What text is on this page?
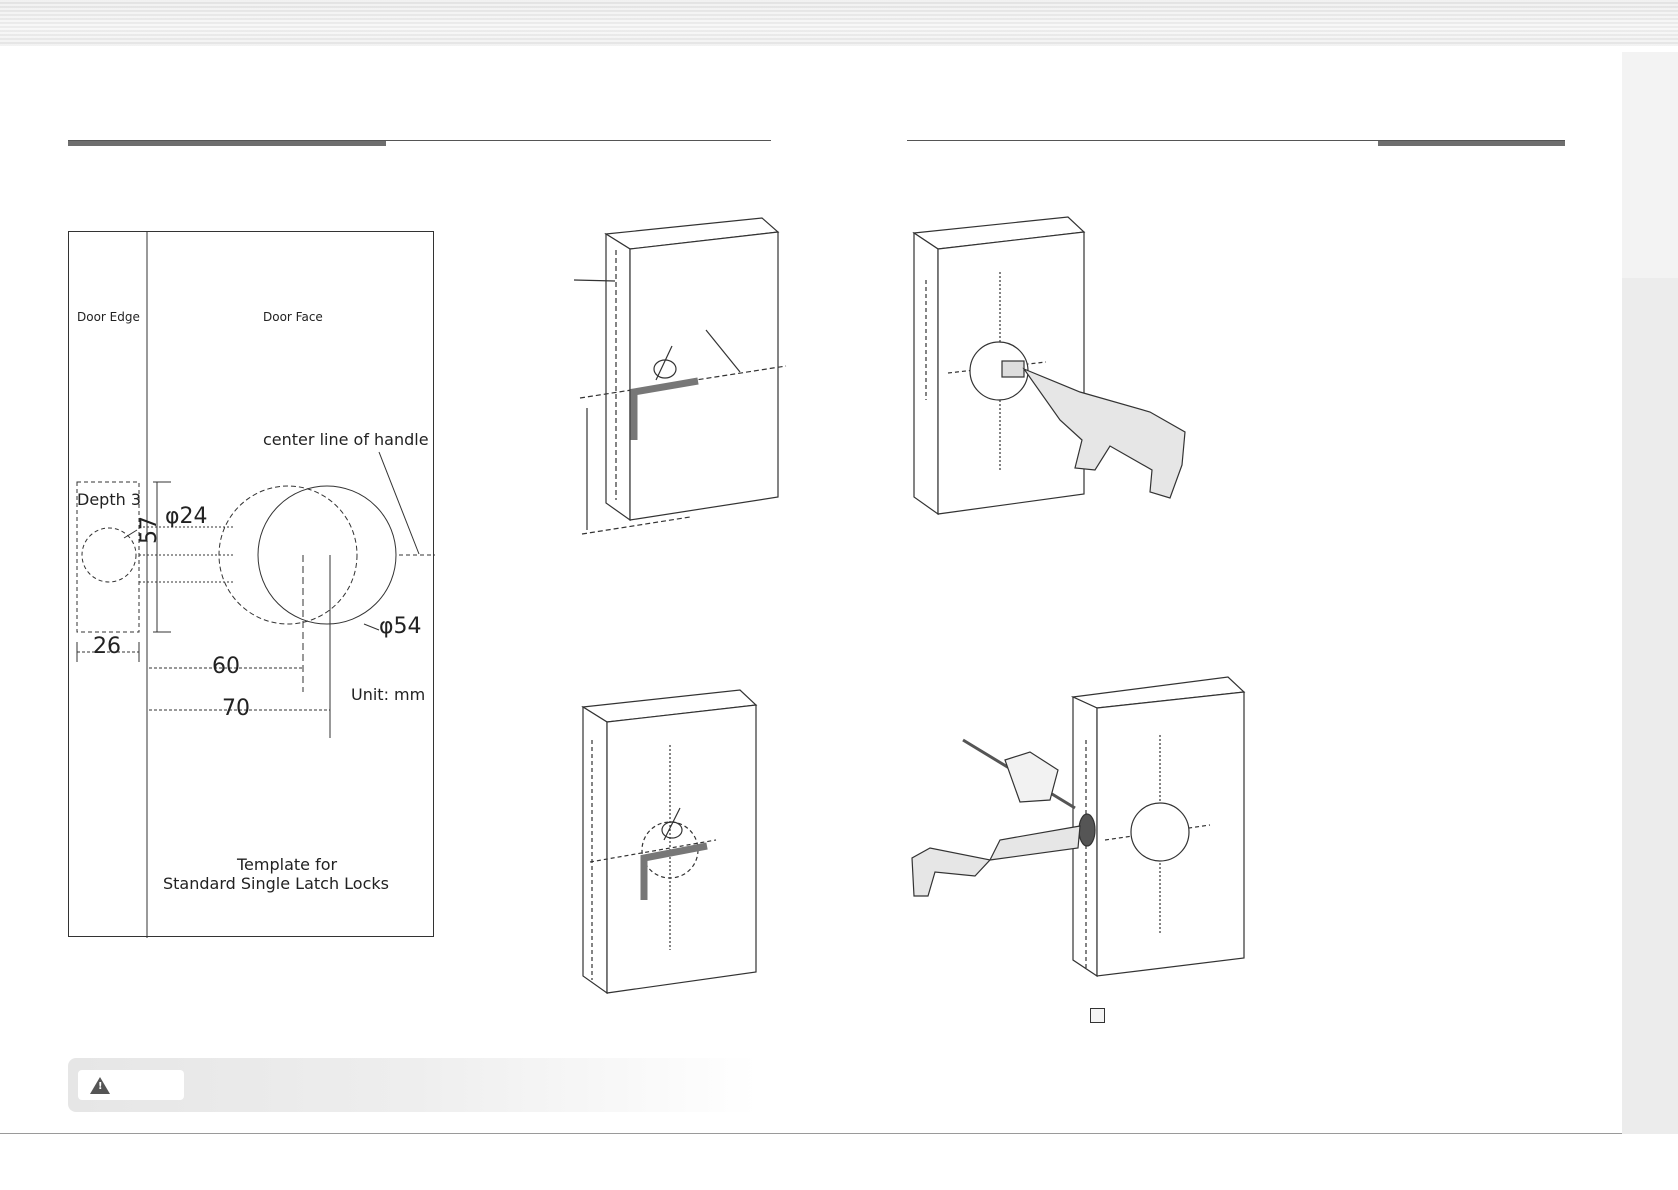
Door Edge	Door Face
center line of handle
Depth 3
φ24
57
φ54
26
60
70
Unit: mm
Template for
Standard Single Latch Locks
!
